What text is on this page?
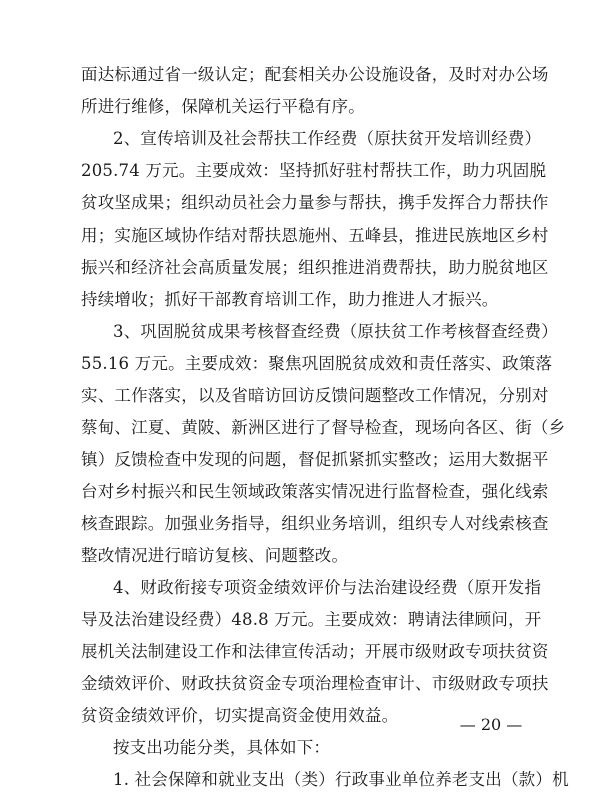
面达标通过省一级认定；配套相关办公设施设备，及时对办公场
所进行维修，保障机关运行平稳有序。
2、宣传培训及社会帮扶工作经费（原扶贫开发培训经费）
205.74 万元。主要成效：坚持抓好驻村帮扶工作，助力巩固脱
贫攻坚成果；组织动员社会力量参与帮扶，携手发挥合力帮扶作
用；实施区域协作结对帮扶恩施州、五峰县，推进民族地区乡村
振兴和经济社会高质量发展；组织推进消费帮扶，助力脱贫地区
持续增收；抓好干部教育培训工作，助力推进人才振兴。
3、巩固脱贫成果考核督查经费（原扶贫工作考核督查经费）
55.16 万元。主要成效：聚焦巩固脱贫成效和责任落实、政策落
实、工作落实，以及省暗访回访反馈问题整改工作情况，分别对
蔡甸、江夏、黄陂、新洲区进行了督导检查，现场向各区、街（乡
镇）反馈检查中发现的问题，督促抓紧抓实整改；运用大数据平
台对乡村振兴和民生领域政策落实情况进行监督检查，强化线索
核查跟踪。加强业务指导，组织业务培训，组织专人对线索核查
整改情况进行暗访复核、问题整改。
4、财政衔接专项资金绩效评价与法治建设经费（原开发指
导及法治建设经费）48.8 万元。主要成效：聘请法律顾问，开
展机关法制建设工作和法律宣传活动；开展市级财政专项扶贫资
金绩效评价、财政扶贫资金专项治理检查审计、市级财政专项扶
贫资金绩效评价，切实提高资金使用效益。
按支出功能分类，具体如下：
1. 社会保障和就业支出（类）行政事业单位养老支出（款）机
— 20 —
